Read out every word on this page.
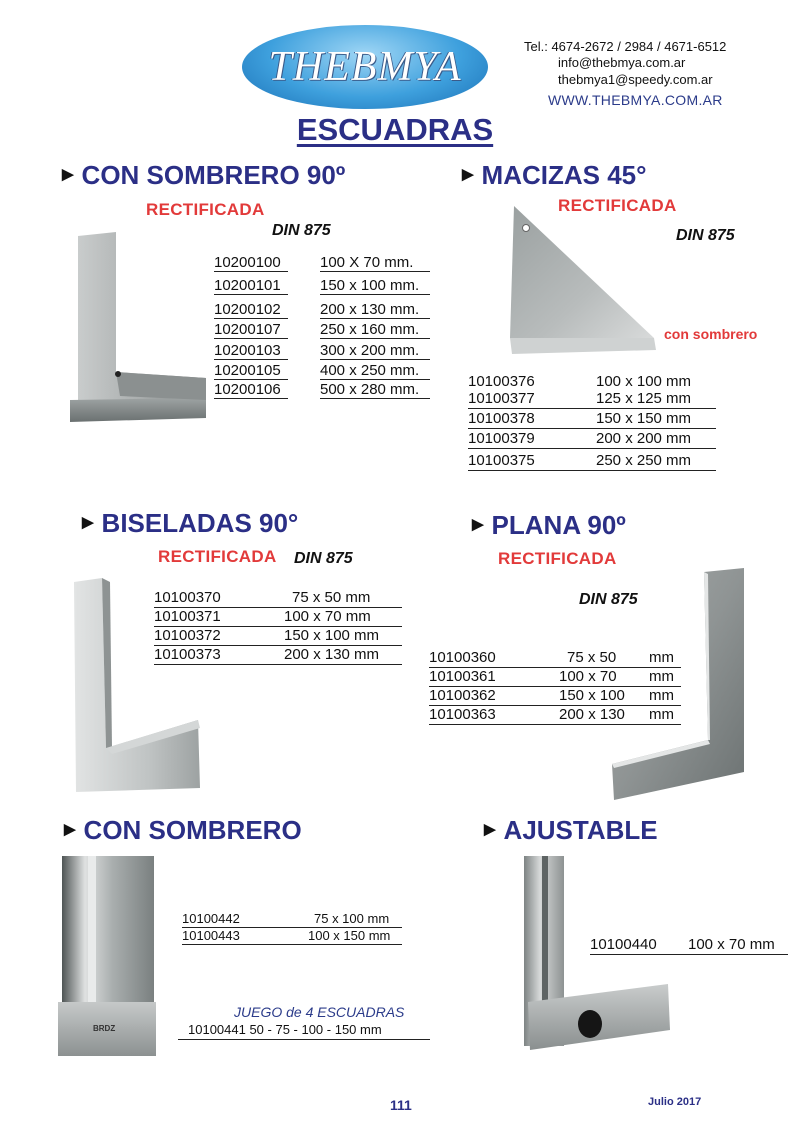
THEBMYA	Tel.: 4674-2672 / 2984 / 4671-6512
info@thebmya.com.ar
thebmya1@speedy.com.ar
WWW.THEBMYA.COM.AR
ESCUADRAS
▶ CON SOMBRERO 90º
RECTIFICADA
DIN 875
10200100	100 X 70 mm.
10200101	150 x 100 mm.
10200102	200 x 130 mm.
10200107	250 x 160 mm.
10200103	300 x 200 mm.
10200105	400 x 250 mm.
10200106	500 x 280 mm.
▶ MACIZAS 45°
RECTIFICADA
DIN 875
con sombrero
10100376	100 x 100 mm
10100377	125 x 125 mm
10100378	150 x 150 mm
10100379	200 x 200 mm
10100375	250 x 250 mm
▶ BISELADAS 90°
RECTIFICADA DIN 875
10100370	75 x 50 mm
10100371	100 x 70 mm
10100372	150 x 100 mm
10100373	200 x 130 mm
▶ PLANA 90º
RECTIFICADA
DIN 875
10100360	75 x 50 mm
10100361	100 x 70 mm
10100362	150 x 100 mm
10100363	200 x 130 mm
▶ CON SOMBRERO
BRDZ
10100442	75 x 100 mm
10100443	100 x 150 mm
JUEGO de 4 ESCUADRAS
10100441 50 - 75 - 100 - 150 mm
▶ AJUSTABLE
10100440 100 x 70 mm
111	Julio 2017
